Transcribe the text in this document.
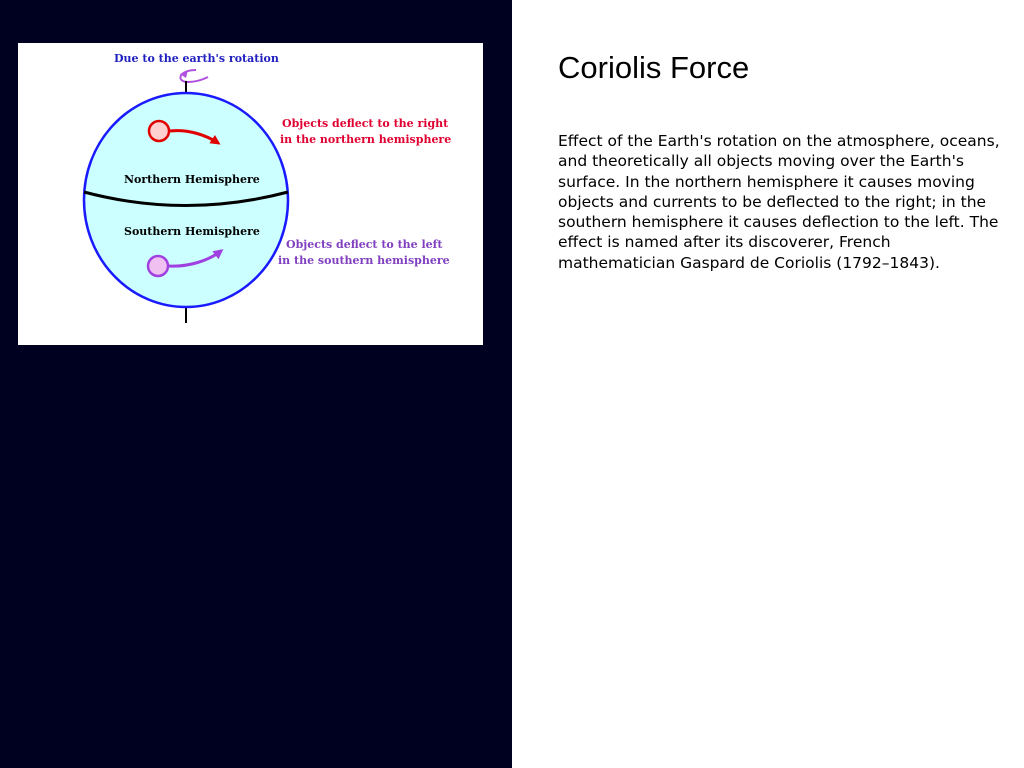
Due to the earth's rotation
Northern Hemisphere
Southern Hemisphere
Objects deflect to the right
in the northern hemisphere
Objects deflect to the left
in the southern hemisphere
Coriolis Force

Effect of the Earth's rotation on the atmosphere, oceans, and theoretically all objects moving over the Earth's surface. In the northern hemisphere it causes moving objects and currents to be deflected to the right; in the southern hemisphere it causes deflection to the left. The effect is named after its discoverer, French mathematician Gaspard de Coriolis (1792–1843).
